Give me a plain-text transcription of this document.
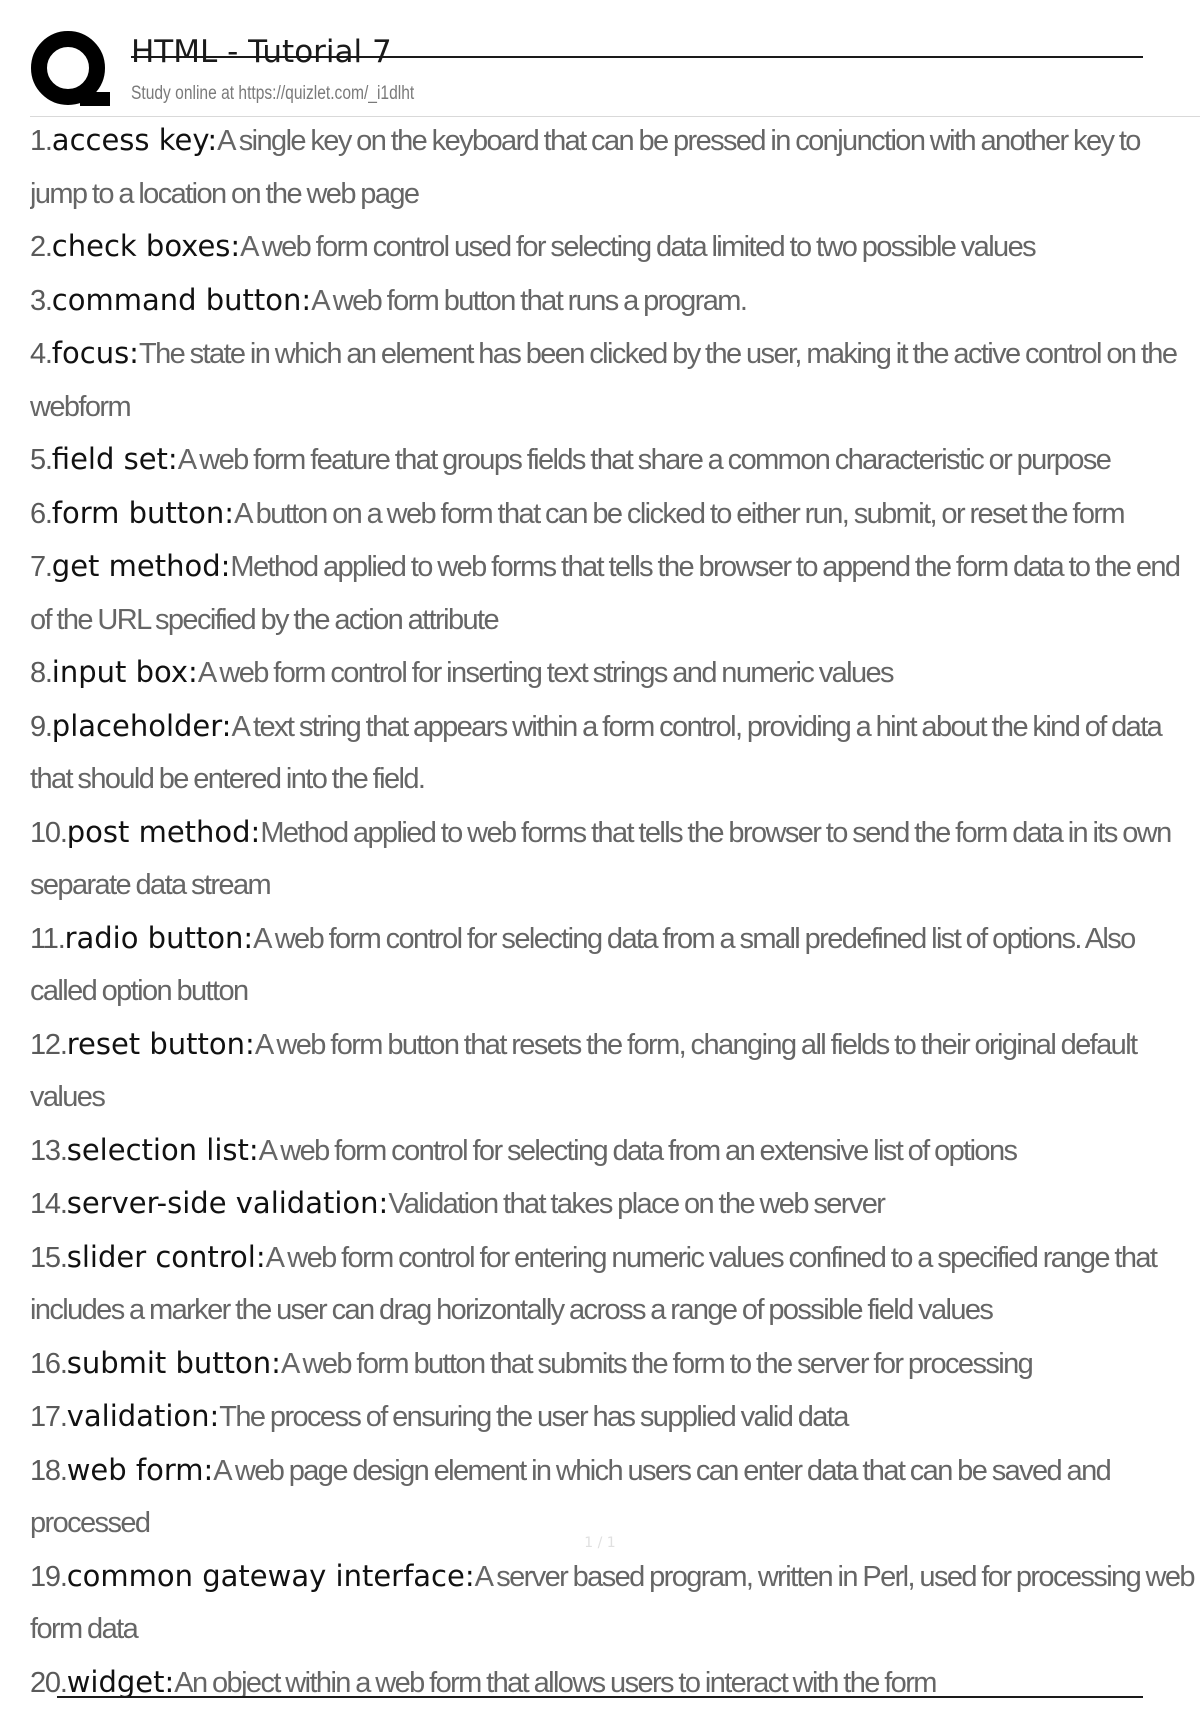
HTML - Tutorial 7
Study online at https://quizlet.com/_i1dlht
1. access key: A single key on the keyboard that can be pressed in conjunction with another key to jump to a location on the web page
2. check boxes: A web form control used for selecting data limited to two possible values
3. command button: A web form button that runs a program.
4. focus: The state in which an element has been clicked by the user, making it the active control on the webform
5. field set: A web form feature that groups fields that share a common characteristic or purpose
6. form button: A button on a web form that can be clicked to either run, submit, or reset the form
7. get method: Method applied to web forms that tells the browser to append the form data to the end of the URL specified by the action attribute
8. input box: A web form control for inserting text strings and numeric values
9. placeholder: A text string that appears within a form control, providing a hint about the kind of data that should be entered into the field.
10. post method: Method applied to web forms that tells the browser to send the form data in its own separate data stream
11. radio button: A web form control for selecting data from a small predefined list of options. Also called option button
12. reset button: A web form button that resets the form, changing all fields to their original default values
13. selection list: A web form control for selecting data from an extensive list of options
14. server-side validation: Validation that takes place on the web server
15. slider control: A web form control for entering numeric values confined to a specified range that includes a marker the user can drag horizontally across a range of possible field values
16. submit button: A web form button that submits the form to the server for processing
17. validation: The process of ensuring the user has supplied valid data
18. web form: A web page design element in which users can enter data that can be saved and processed
19. common gateway interface: A server based program, written in Perl, used for processing web form data
20. widget: An object within a web form that allows users to interact with the form
1 / 1
